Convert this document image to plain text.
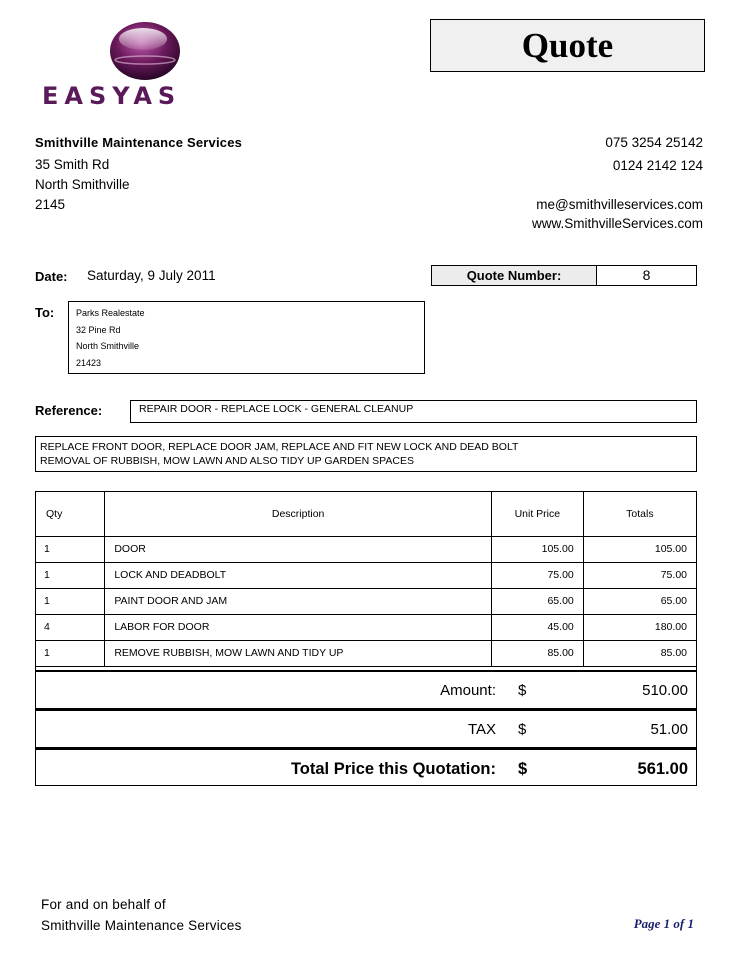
EASYAS
Quote
Smithville Maintenance Services
35 Smith Rd
North Smithville
2145
075 3254 25142
0124 2142 124
me@smithvilleservices.com
www.SmithvilleServices.com
Date: Saturday, 9 July 2011	Quote Number:	8
To: Parks Realestate
32 Pine Rd
North Smithville
21423
Reference:	REPAIR DOOR - REPLACE LOCK - GENERAL CLEANUP
REPLACE FRONT DOOR, REPLACE DOOR JAM, REPLACE AND FIT NEW LOCK AND DEAD BOLT
REMOVAL OF RUBBISH, MOW LAWN AND ALSO TIDY UP GARDEN SPACES
Qty	Description	Unit Price	Totals
1	DOOR	105.00	105.00
1	LOCK AND DEADBOLT	75.00	75.00
1	PAINT DOOR AND JAM	65.00	65.00
4	LABOR FOR DOOR	45.00	180.00
1	REMOVE RUBBISH, MOW LAWN AND TIDY UP	85.00	85.00
Amount: $	510.00
TAX $	51.00
Total Price this Quotation: $	561.00
For and on behalf of
Smithville Maintenance Services	Page 1 of 1
